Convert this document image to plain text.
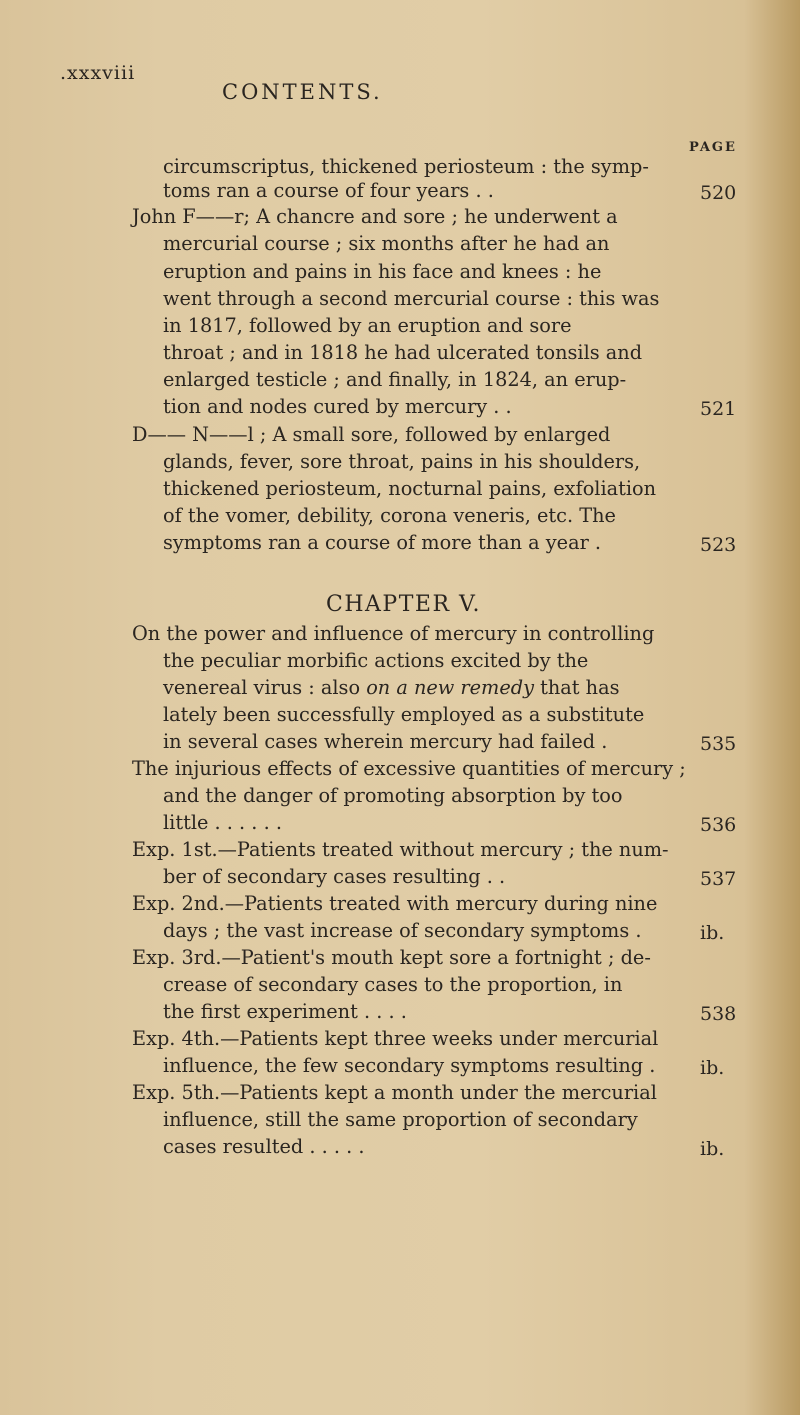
.xxxviii
CONTENTS.
PAGE
circumscriptus, thickened periosteum : the symp-
toms ran a course of four years . .	520
John F——r; A chancre and sore ; he underwent a
mercurial course ; six months after he had an
eruption and pains in his face and knees : he
went through a second mercurial course : this was
in 1817, followed by an eruption and sore
throat ; and in 1818 he had ulcerated tonsils and
enlarged testicle ; and finally, in 1824, an erup-
tion and nodes cured by mercury . .	521
D—— N——l ; A small sore, followed by enlarged
glands, fever, sore throat, pains in his shoulders,
thickened periosteum, nocturnal pains, exfoliation
of the vomer, debility, corona veneris, etc. The
symptoms ran a course of more than a year .	523
CHAPTER V.
On the power and influence of mercury in controlling
the peculiar morbific actions excited by the
venereal virus : also on a new remedy that has
lately been successfully employed as a substitute
in several cases wherein mercury had failed .	535
The injurious effects of excessive quantities of mercury ;
and the danger of promoting absorption by too
little . . . . . .	536
Exp. 1st.—Patients treated without mercury ; the num-
ber of secondary cases resulting . .	537
Exp. 2nd.—Patients treated with mercury during nine
days ; the vast increase of secondary symptoms .	ib.
Exp. 3rd.—Patient's mouth kept sore a fortnight ; de-
crease of secondary cases to the proportion, in
the first experiment . . . .	538
Exp. 4th.—Patients kept three weeks under mercurial
influence, the few secondary symptoms resulting . ib.
Exp. 5th.—Patients kept a month under the mercurial
influence, still the same proportion of secondary
cases resulted . . . . .	ib.
